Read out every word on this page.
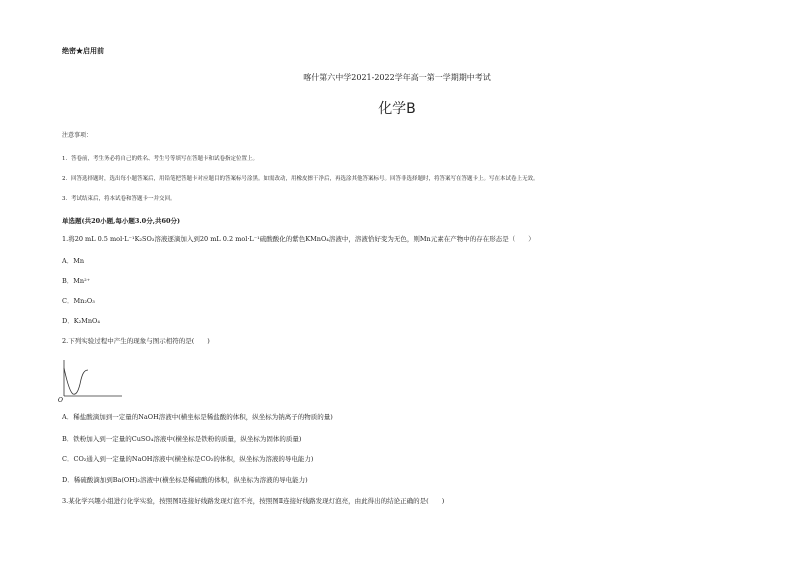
绝密★启用前
喀什第六中学2021-2022学年高一第一学期期中考试
化学B
注意事项：
1．答卷前，考生务必将自己的姓名、考生号等填写在答题卡和试卷指定位置上。
2．回答选择题时，选出每小题答案后，用铅笔把答题卡对应题目的答案标号涂黑。如需改动，用橡皮擦干净后，再选涂其他答案标号。回答非选择题时，将答案写在答题卡上。写在本试卷上无效。
3．考试结束后，将本试卷和答题卡一并交回。
单选题(共20小题,每小题3.0分,共60分)
1.将20 mL 0.5 mol·L⁻¹K₂SO₃溶液逐滴加入到20 mL 0.2 mol·L⁻¹硫酸酸化的紫色KMnO₄溶液中，溶液恰好变为无色，则Mn元素在产物中的存在形态是（　　）
A．Mn
B．Mn²⁺
C．Mn₂O₃
D．K₂MnO₄
2.下列实验过程中产生的现象与图示相符的是(　　)
O
A．稀盐酸滴加到一定量的NaOH溶液中(横坐标是稀盐酸的体积，纵坐标为钠离子的物质的量)
B．铁粉加入到一定量的CuSO₄溶液中(横坐标是铁粉的质量，纵坐标为固体的质量)
C．CO₂通入到一定量的NaOH溶液中(横坐标是CO₂的体积，纵坐标为溶液的导电能力)
D．稀硫酸滴加到Ba(OH)₂溶液中(横坐标是稀硫酸的体积，纵坐标为溶液的导电能力)
3.某化学兴趣小组进行化学实验，按照图Ⅰ连接好线路发现灯泡不亮，按照图Ⅱ连接好线路发现灯泡亮，由此得出的结论正确的是(　　)
